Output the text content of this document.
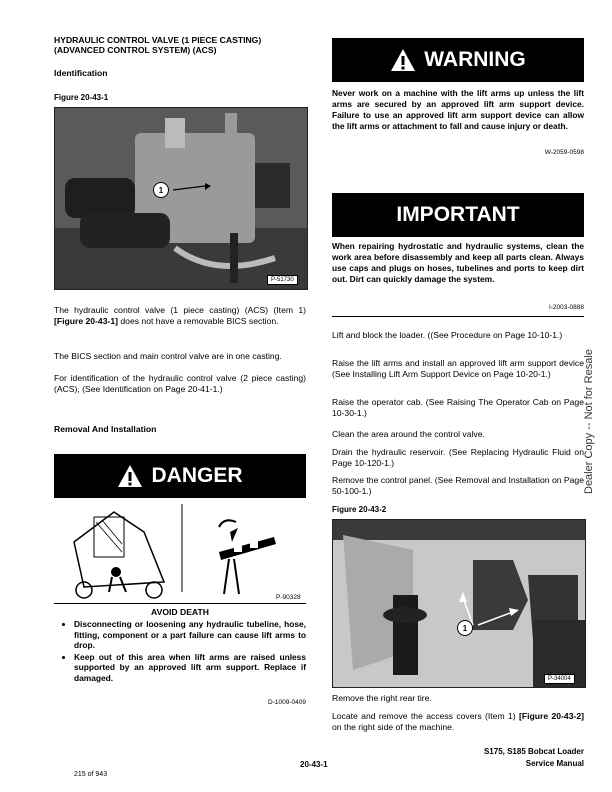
HYDRAULIC CONTROL VALVE (1 PIECE CASTING) (ADVANCED CONTROL SYSTEM) (ACS)
Identification
Figure 20-43-1
1
P-51730
The hydraulic control valve (1 piece casting) (ACS) (Item 1) [Figure 20-43-1] does not have a removable BICS section.
The BICS section and main control valve are in one casting.
For identification of the hydraulic control valve (2 piece casting) (ACS), (See Identification on Page 20-41-1.)
Removal And Installation
DANGER
P-90328
AVOID DEATH
• Disconnecting or loosening any hydraulic tubeline, hose, fitting, component or a part failure can cause lift arms to drop.
• Keep out of this area when lift arms are raised unless supported by an approved lift arm support. Replace if damaged.
D-1009-0409
WARNING
Never work on a machine with the lift arms up unless the lift arms are secured by an approved lift arm support device. Failure to use an approved lift arm support device can allow the lift arms or attachment to fall and cause injury or death.
W-2059-0598
IMPORTANT
When repairing hydrostatic and hydraulic systems, clean the work area before disassembly and keep all parts clean. Always use caps and plugs on hoses, tubelines and ports to keep dirt out. Dirt can quickly damage the system.
I-2003-0888
Lift and block the loader. ((See Procedure on Page 10-10-1.)
Raise the lift arms and install an approved lift arm support device (See Installing Lift Arm Support Device on Page 10-20-1.)
Raise the operator cab. (See Raising The Operator Cab on Page 10-30-1.)
Clean the area around the control valve.
Drain the hydraulic reservoir. (See Replacing Hydraulic Fluid on Page 10-120-1.)
Remove the control panel. (See Removal and Installation on Page 50-100-1.)
Figure 20-43-2
1
P-34004
Remove the right rear tire.
Locate and remove the access covers (Item 1) [Figure 20-43-2] on the right side of the machine.
Dealer Copy -- Not for Resale
20-43-1
S175, S185 Bobcat Loader
Service Manual
215 of 943
